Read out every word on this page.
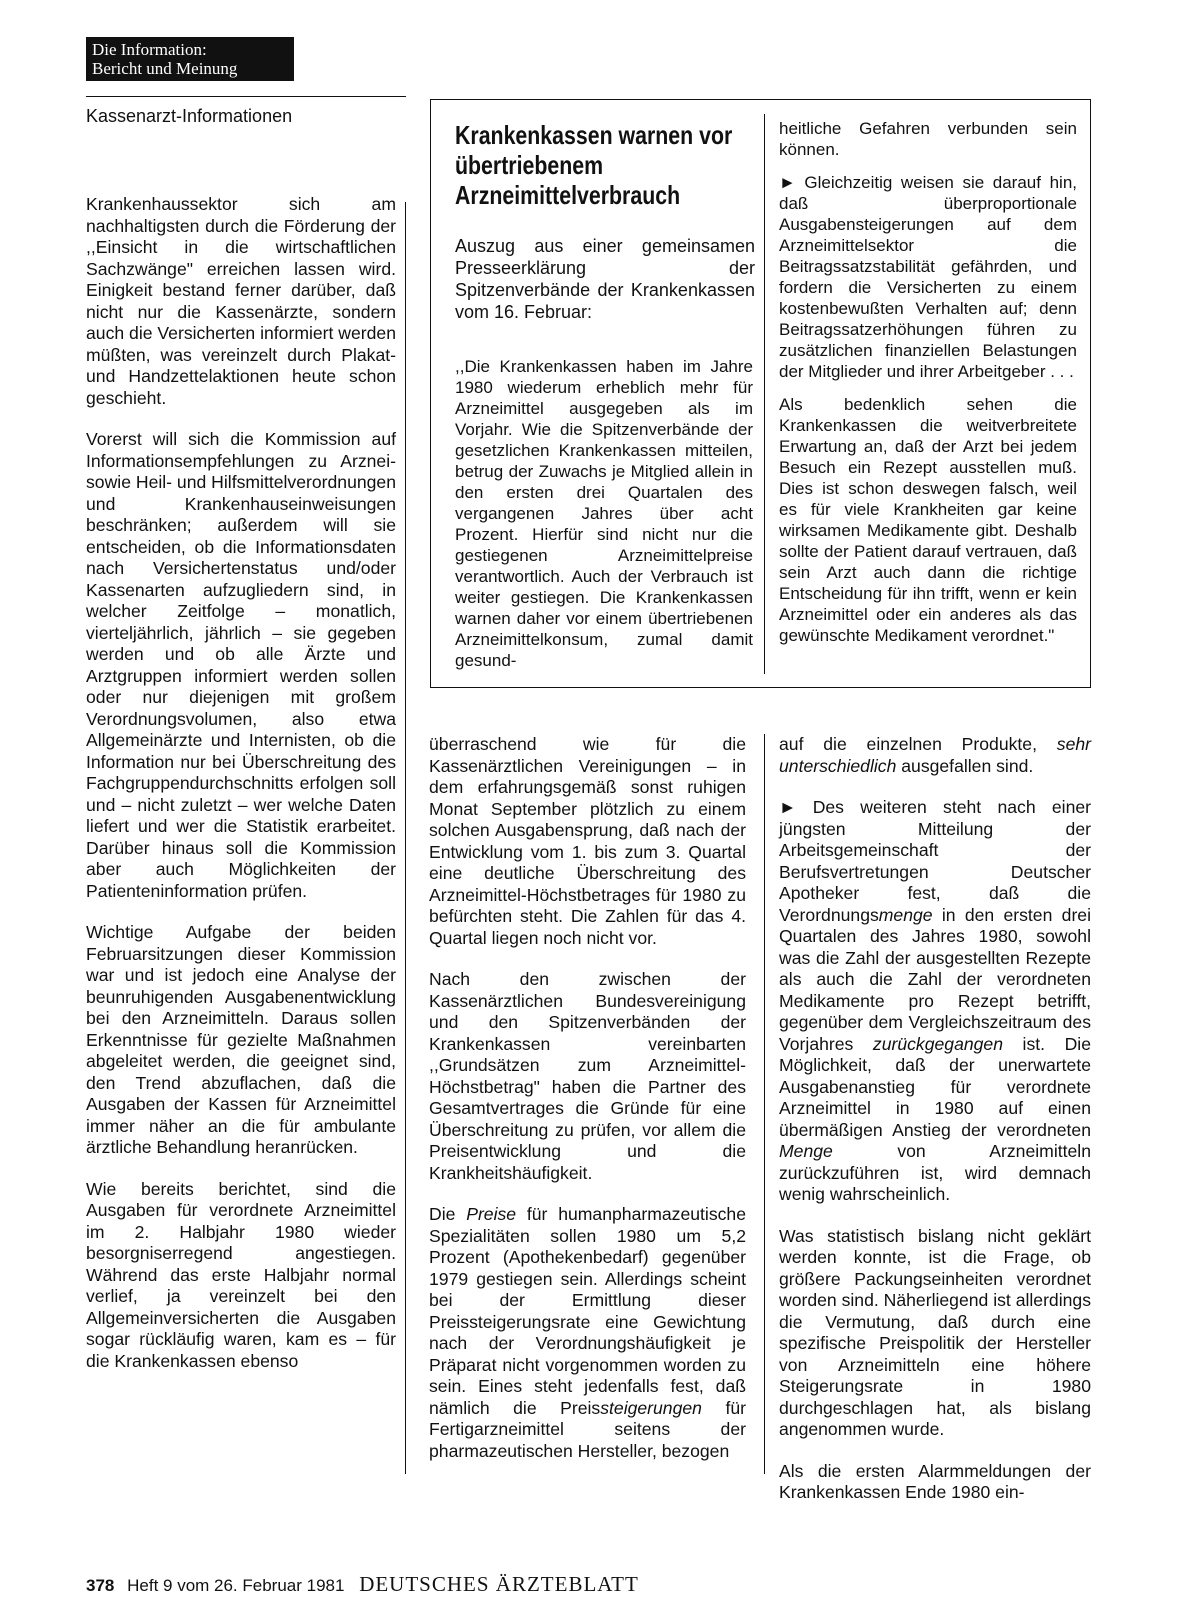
Die Information:
Bericht und Meinung
Kassenarzt-Informationen

Krankenhaussektor sich am nachhaltigsten durch die Förderung der ,,Einsicht in die wirtschaftlichen Sachzwänge" erreichen lassen wird. Einigkeit bestand ferner darüber, daß nicht nur die Kassenärzte, sondern auch die Versicherten informiert werden müßten, was vereinzelt durch Plakat- und Handzettelaktionen heute schon geschieht.

Vorerst will sich die Kommission auf Informationsempfehlungen zu Arznei- sowie Heil- und Hilfsmittelverordnungen und Krankenhauseinweisungen beschränken; außerdem will sie entscheiden, ob die Informationsdaten nach Versichertenstatus und/oder Kassenarten aufzugliedern sind, in welcher Zeitfolge – monatlich, vierteljährlich, jährlich – sie gegeben werden und ob alle Ärzte und Arztgruppen informiert werden sollen oder nur diejenigen mit großem Verordnungsvolumen, also etwa Allgemeinärzte und Internisten, ob die Information nur bei Überschreitung des Fachgruppendurchschnitts erfolgen soll und – nicht zuletzt – wer welche Daten liefert und wer die Statistik erarbeitet. Darüber hinaus soll die Kommission aber auch Möglichkeiten der Patienteninformation prüfen.

Wichtige Aufgabe der beiden Februarsitzungen dieser Kommission war und ist jedoch eine Analyse der beunruhigenden Ausgabenentwicklung bei den Arzneimitteln. Daraus sollen Erkenntnisse für gezielte Maßnahmen abgeleitet werden, die geeignet sind, den Trend abzuflachen, daß die Ausgaben der Kassen für Arzneimittel immer näher an die für ambulante ärztliche Behandlung heranrücken.

Wie bereits berichtet, sind die Ausgaben für verordnete Arzneimittel im 2. Halbjahr 1980 wieder besorgniserregend angestiegen. Während das erste Halbjahr normal verlief, ja vereinzelt bei den Allgemeinversicherten die Ausgaben sogar rückläufig waren, kam es – für die Krankenkassen ebenso

Krankenkassen warnen vor übertriebenem Arzneimittelverbrauch
Auszug aus einer gemeinsamen Presseerklärung der Spitzenverbände der Krankenkassen vom 16. Februar:

,,Die Krankenkassen haben im Jahre 1980 wiederum erheblich mehr für Arzneimittel ausgegeben als im Vorjahr. Wie die Spitzenverbände der gesetzlichen Krankenkassen mitteilen, betrug der Zuwachs je Mitglied allein in den ersten drei Quartalen des vergangenen Jahres über acht Prozent. Hierfür sind nicht nur die gestiegenen Arzneimittelpreise verantwortlich. Auch der Verbrauch ist weiter gestiegen. Die Krankenkassen warnen daher vor einem übertriebenen Arzneimittelkonsum, zumal damit gesund-

heitliche Gefahren verbunden sein können.

► Gleichzeitig weisen sie darauf hin, daß überproportionale Ausgabensteigerungen auf dem Arzneimittelsektor die Beitragssatzstabilität gefährden, und fordern die Versicherten zu einem kostenbewußten Verhalten auf; denn Beitragssatzerhöhungen führen zu zusätzlichen finanziellen Belastungen der Mitglieder und ihrer Arbeitgeber . . .

Als bedenklich sehen die Krankenkassen die weitverbreitete Erwartung an, daß der Arzt bei jedem Besuch ein Rezept ausstellen muß. Dies ist schon deswegen falsch, weil es für viele Krankheiten gar keine wirksamen Medikamente gibt. Deshalb sollte der Patient darauf vertrauen, daß sein Arzt auch dann die richtige Entscheidung für ihn trifft, wenn er kein Arzneimittel oder ein anderes als das gewünschte Medikament verordnet."

überraschend wie für die Kassenärztlichen Vereinigungen – in dem erfahrungsgemäß sonst ruhigen Monat September plötzlich zu einem solchen Ausgabensprung, daß nach der Entwicklung vom 1. bis zum 3. Quartal eine deutliche Überschreitung des Arzneimittel-Höchstbetrages für 1980 zu befürchten steht. Die Zahlen für das 4. Quartal liegen noch nicht vor.

Nach den zwischen der Kassenärztlichen Bundesvereinigung und den Spitzenverbänden der Krankenkassen vereinbarten ,,Grundsätzen zum Arzneimittel-Höchstbetrag" haben die Partner des Gesamtvertrages die Gründe für eine Überschreitung zu prüfen, vor allem die Preisentwicklung und die Krankheitshäufigkeit.

Die Preise für humanpharmazeutische Spezialitäten sollen 1980 um 5,2 Prozent (Apothekenbedarf) gegenüber 1979 gestiegen sein. Allerdings scheint bei der Ermittlung dieser Preissteigerungsrate eine Gewichtung nach der Verordnungshäufigkeit je Präparat nicht vorgenommen worden zu sein. Eines steht jedenfalls fest, daß nämlich die Preissteigerungen für Fertigarzneimittel seitens der pharmazeutischen Hersteller, bezogen

auf die einzelnen Produkte, sehr unterschiedlich ausgefallen sind.

► Des weiteren steht nach einer jüngsten Mitteilung der Arbeitsgemeinschaft der Berufsvertretungen Deutscher Apotheker fest, daß die Verordnungsmenge in den ersten drei Quartalen des Jahres 1980, sowohl was die Zahl der ausgestellten Rezepte als auch die Zahl der verordneten Medikamente pro Rezept betrifft, gegenüber dem Vergleichszeitraum des Vorjahres zurückgegangen ist. Die Möglichkeit, daß der unerwartete Ausgabenanstieg für verordnete Arzneimittel in 1980 auf einen übermäßigen Anstieg der verordneten Menge von Arzneimitteln zurückzuführen ist, wird demnach wenig wahrscheinlich.

Was statistisch bislang nicht geklärt werden konnte, ist die Frage, ob größere Packungseinheiten verordnet worden sind. Näherliegend ist allerdings die Vermutung, daß durch eine spezifische Preispolitik der Hersteller von Arzneimitteln eine höhere Steigerungsrate in 1980 durchgeschlagen hat, als bislang angenommen wurde.

Als die ersten Alarmmeldungen der Krankenkassen Ende 1980 ein-

378 Heft 9 vom 26. Februar 1981 DEUTSCHES ÄRZTEBLATT
